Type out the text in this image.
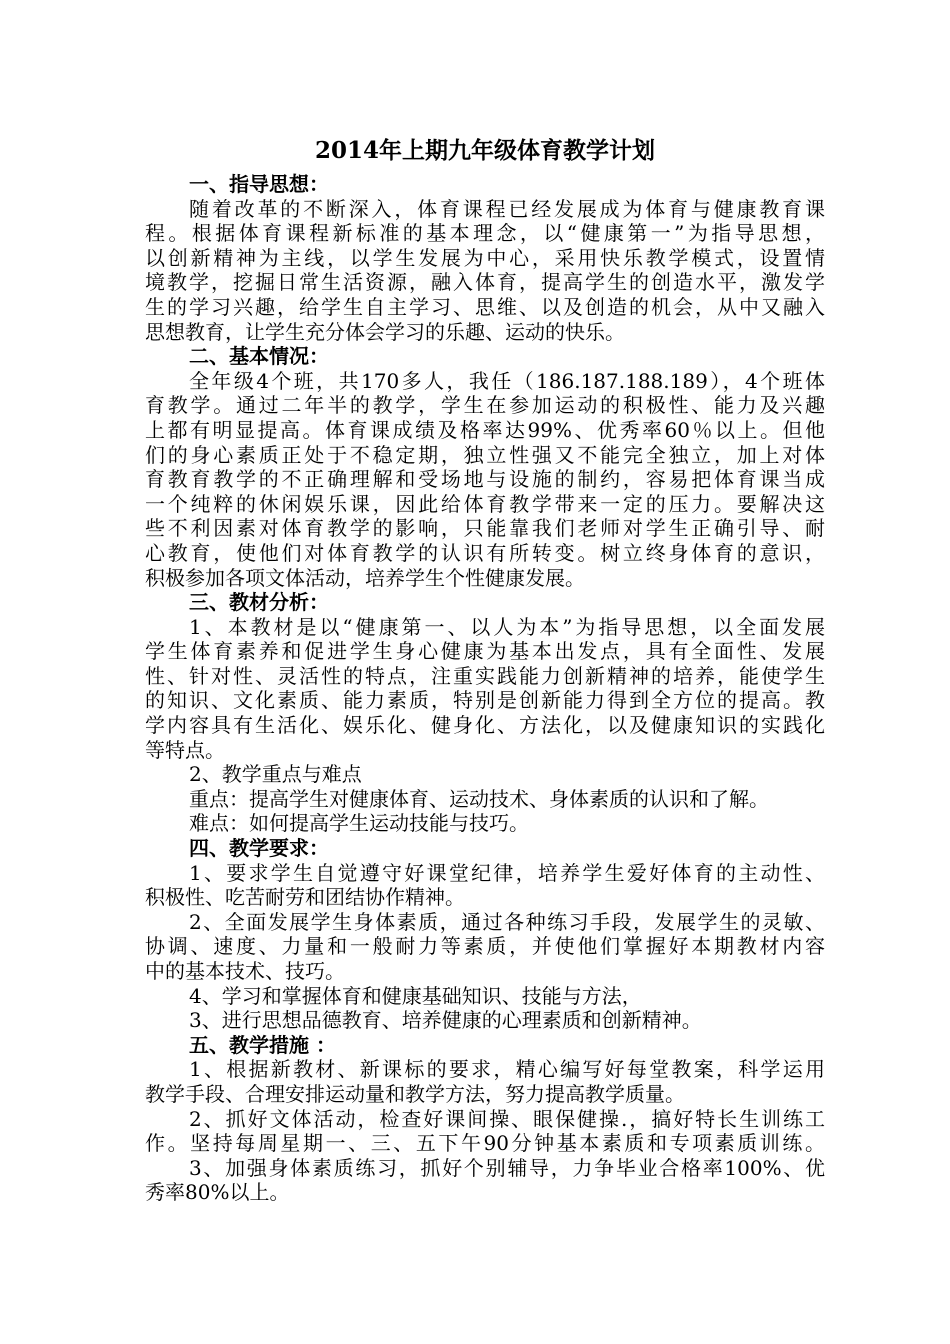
2014年上期九年级体育教学计划
一、指导思想：
随着改革的不断深入，体育课程已经发展成为体育与健康教育课
程。根据体育课程新标准的基本理念，以“健康第一”为指导思想，
以创新精神为主线，以学生发展为中心，采用快乐教学模式，设置情
境教学，挖掘日常生活资源，融入体育，提高学生的创造水平，激发学
生的学习兴趣，给学生自主学习、思维、以及创造的机会，从中又融入
思想教育，让学生充分体会学习的乐趣、运动的快乐。
二、基本情况：
全年级4个班，共170多人，我任（186.187.188.189），4个班体
育教学。通过二年半的教学，学生在参加运动的积极性、能力及兴趣
上都有明显提高。体育课成绩及格率达99%、优秀率60％以上。但他
们的身心素质正处于不稳定期，独立性强又不能完全独立，加上对体
育教育教学的不正确理解和受场地与设施的制约，容易把体育课当成
一个纯粹的休闲娱乐课，因此给体育教学带来一定的压力。要解决这
些不利因素对体育教学的影响，只能靠我们老师对学生正确引导、耐
心教育，使他们对体育教学的认识有所转变。树立终身体育的意识，
积极参加各项文体活动，培养学生个性健康发展。
三、教材分析：
1、本教材是以“健康第一、以人为本”为指导思想，以全面发展
学生体育素养和促进学生身心健康为基本出发点，具有全面性、发展
性、针对性、灵活性的特点，注重实践能力创新精神的培养，能使学生
的知识、文化素质、能力素质，特别是创新能力得到全方位的提高。教
学内容具有生活化、娱乐化、健身化、方法化，以及健康知识的实践化
等特点。
2、教学重点与难点
重点：提高学生对健康体育、运动技术、身体素质的认识和了解。
难点：如何提高学生运动技能与技巧。
四、教学要求：
1、要求学生自觉遵守好课堂纪律，培养学生爱好体育的主动性、
积极性、吃苦耐劳和团结协作精神。
2、全面发展学生身体素质，通过各种练习手段，发展学生的灵敏、
协调、速度、力量和一般耐力等素质，并使他们掌握好本期教材内容
中的基本技术、技巧。
4、学习和掌握体育和健康基础知识、技能与方法，
3、进行思想品德教育、培养健康的心理素质和创新精神。
五、教学措施 ：
1、根据新教材、新课标的要求，精心编写好每堂教案，科学运用
教学手段、合理安排运动量和教学方法，努力提高教学质量。
2、抓好文体活动，检查好课间操、眼保健操.，搞好特长生训练工
作。坚持每周星期一、三、五下午90分钟基本素质和专项素质训练。
3、加强身体素质练习，抓好个别辅导，力争毕业合格率100%、优
秀率80%以上。
